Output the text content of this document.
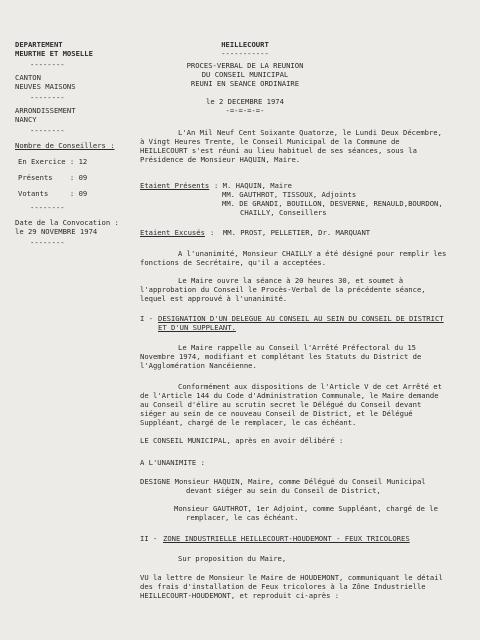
DEPARTEMENT
MEURTHE ET MOSELLE
--------
CANTON
NEUVES MAISONS
--------
ARRONDISSEMENT
NANCY
--------
Nombre de Conseillers :
En Exercice : 12
Présents    : 09
Votants     : 09
--------
Date de la Convocation :
le 29 NOVEMBRE 1974
--------
HEILLECOURT
-----------
PROCES-VERBAL DE LA REUNION
DU CONSEIL MUNICIPAL
REUNI EN SEANCE ORDINAIRE
le 2 DECEMBRE 1974
-=-=-=-=-
L'An Mil Neuf Cent Soixante Quatorze, le Lundi Deux Décembre, à Vingt Heures Trente, le Conseil Municipal de la Commune de HEILLECOURT s'est réuni au lieu habituel de ses séances, sous la Présidence de Monsieur HAQUIN, Maire.
Etaient Présents : M. HAQUIN, Maire
MM. GAUTHROT, TISSOUX, Adjoints
MM. DE GRANDI, BOUILLON, DESVERNE, RENAULD,BOURDON,
CHAILLY, Conseillers
Etaient Excusés :  MM. PROST, PELLETIER, Dr. MARQUANT
A l'unanimité, Monsieur CHAILLY a été désigné pour remplir les fonctions de Secrétaire, qu'il a acceptées.
Le Maire ouvre la séance à 20 heures 30, et soumet à l'approbation du Conseil le Procès-Verbal de la précédente séance, lequel est approuvé à l'unanimité.
I - DESIGNATION D'UN DELEGUE AU CONSEIL AU SEIN DU CONSEIL DE DISTRICT
ET D'UN SUPPLEANT.
Le Maire rappelle au Conseil l'Arrêté Préfectoral du 15 Novembre 1974, modifiant et complétant les Statuts du District de l'Agglomération Nancéienne.
Conformément aux dispositions de l'Article V de cet Arrêté et de l'Article 144 du Code d'Administration Communale, le Maire demande au Conseil d'élire au scrutin secret le Délégué du Conseil devant siéger au sein de ce nouveau Conseil de District, et le Délégué Suppléant, chargé de le remplacer, le cas échéant.
LE CONSEIL MUNICIPAL, après en avoir délibéré :
A L'UNANIMITE :
DESIGNE Monsieur HAQUIN, Maire, comme Délégué du Conseil Municipal
devant siéger au sein du Conseil de District,
Monsieur GAUTHROT, 1er Adjoint, comme Suppléant, chargé de le
remplacer, le cas échéant.
II - ZONE INDUSTRIELLE HEILLECOURT-HOUDEMONT - FEUX TRICOLORES
Sur proposition du Maire,
VU la lettre de Monsieur le Maire de HOUDEMONT, communiquant le détail des frais d'installation de Feux tricolores à la Zône Industrielle HEILLECOURT-HOUDEMONT, et reproduit ci-après :
